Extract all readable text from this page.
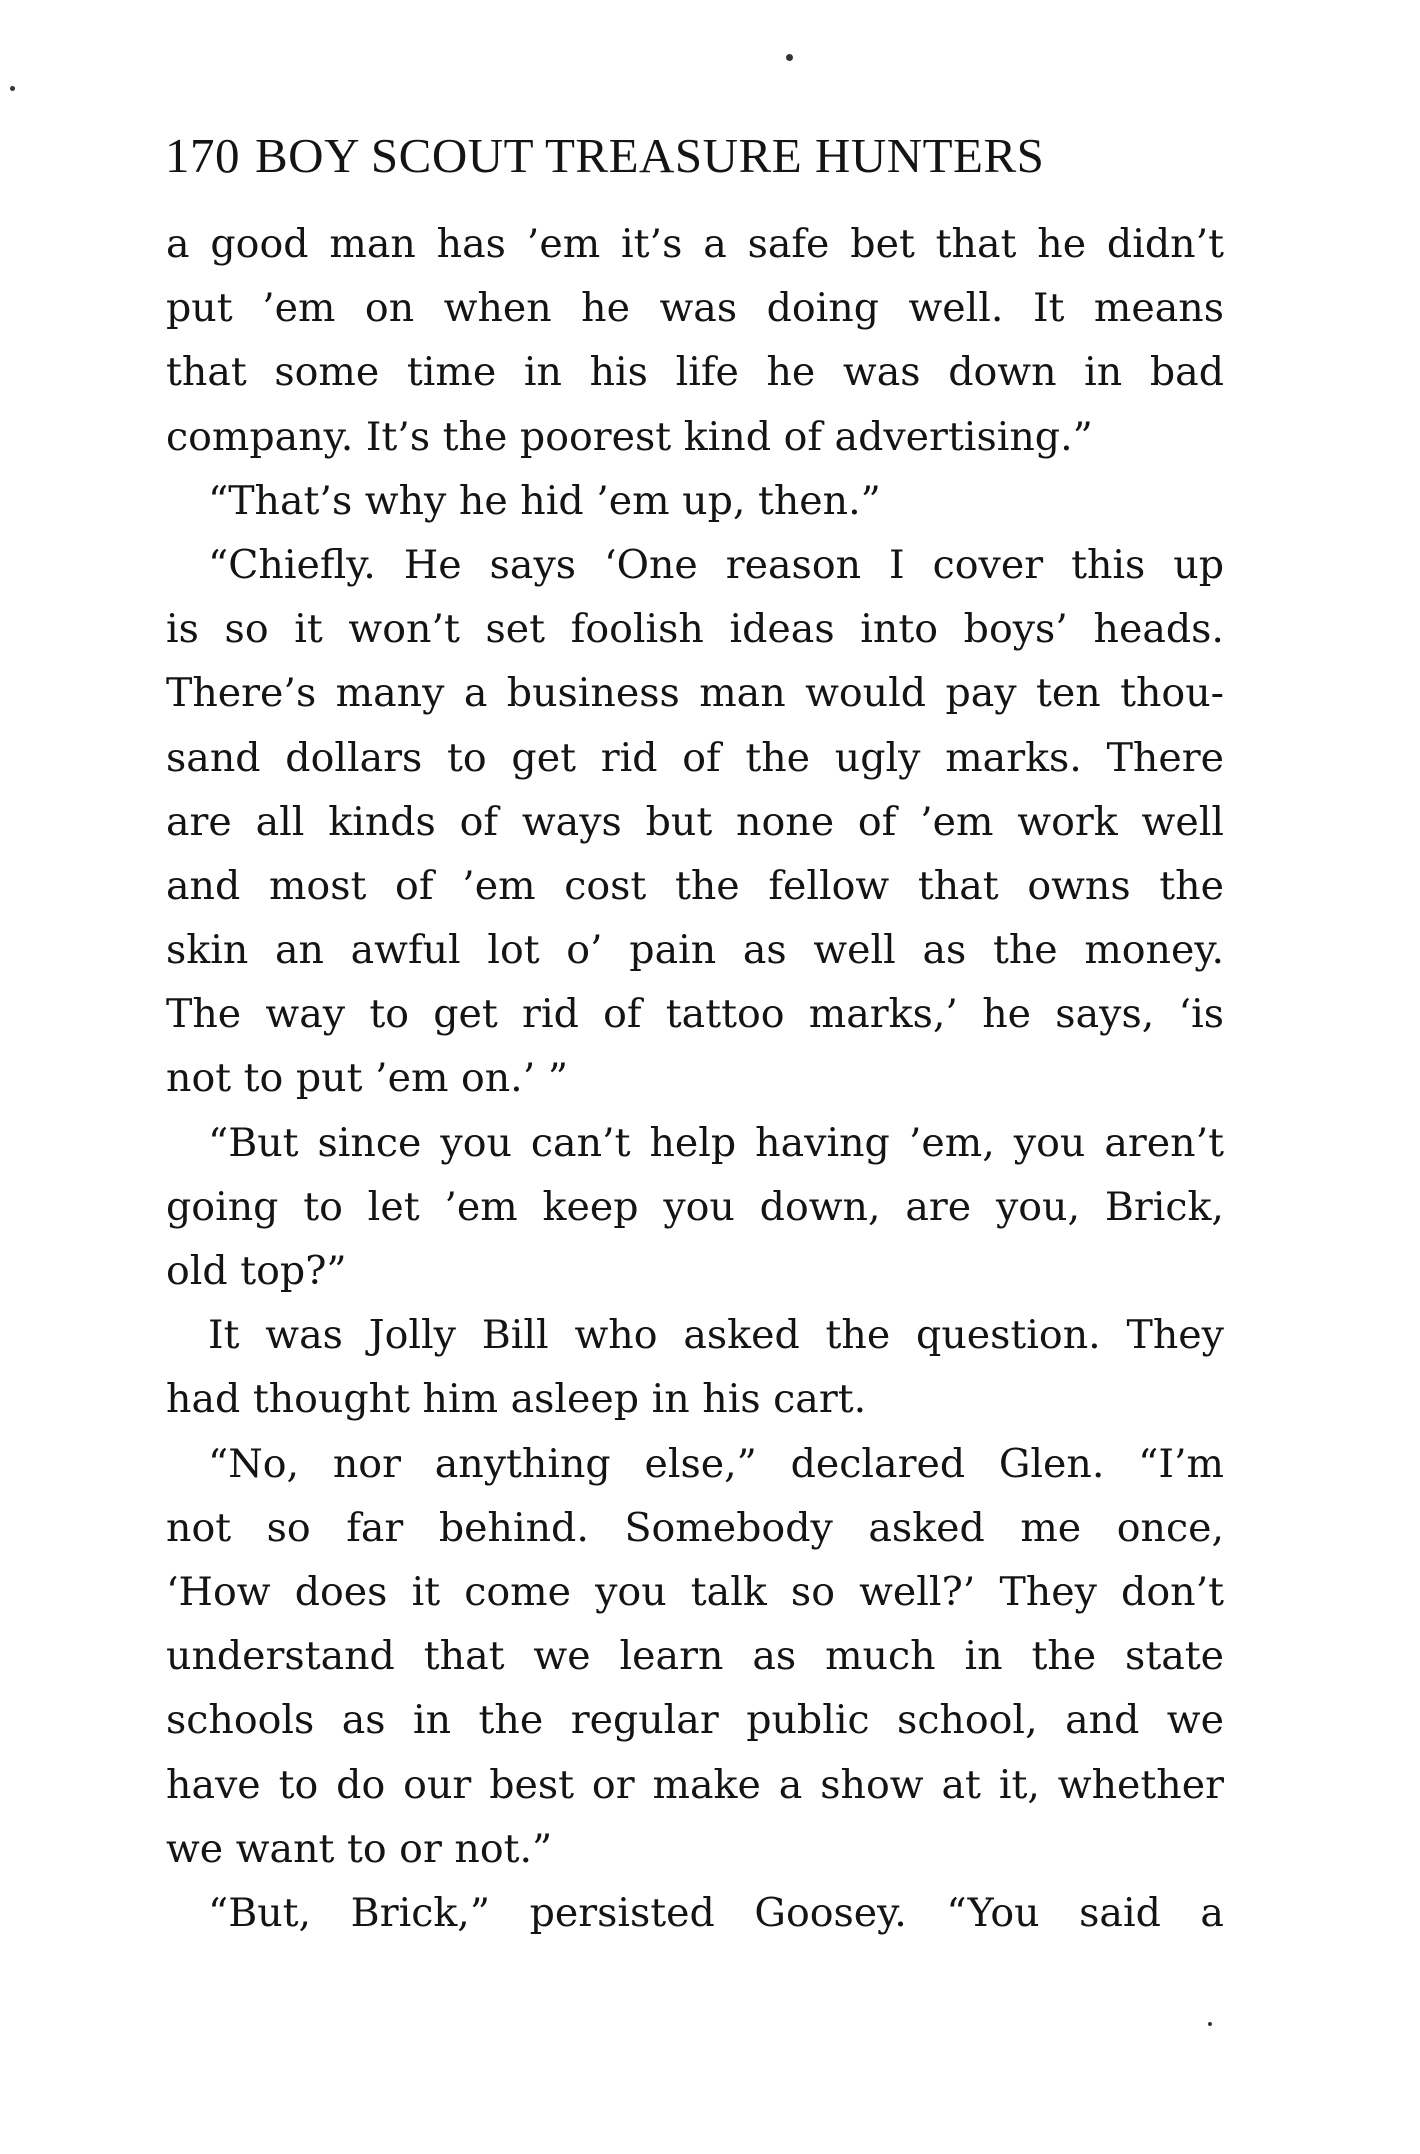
170 BOY SCOUT TREASURE HUNTERS
a good man has ’em it’s a safe bet that he didn’t
put ’em on when he was doing well. It means
that some time in his life he was down in bad
company. It’s the poorest kind of advertising.”
“That’s why he hid ’em up, then.”
“Chiefly. He says ‘One reason I cover this up
is so it won’t set foolish ideas into boys’ heads.
There’s many a business man would pay ten thou-
sand dollars to get rid of the ugly marks. There
are all kinds of ways but none of ’em work well
and most of ’em cost the fellow that owns the
skin an awful lot o’ pain as well as the money.
The way to get rid of tattoo marks,’ he says, ‘is
not to put ’em on.’ ”
“But since you can’t help having ’em, you aren’t
going to let ’em keep you down, are you, Brick,
old top?”
It was Jolly Bill who asked the question. They
had thought him asleep in his cart.
“No, nor anything else,” declared Glen. “I’m
not so far behind. Somebody asked me once,
‘How does it come you talk so well?’ They don’t
understand that we learn as much in the state
schools as in the regular public school, and we
have to do our best or make a show at it, whether
we want to or not.”
“But, Brick,” persisted Goosey. “You said a
